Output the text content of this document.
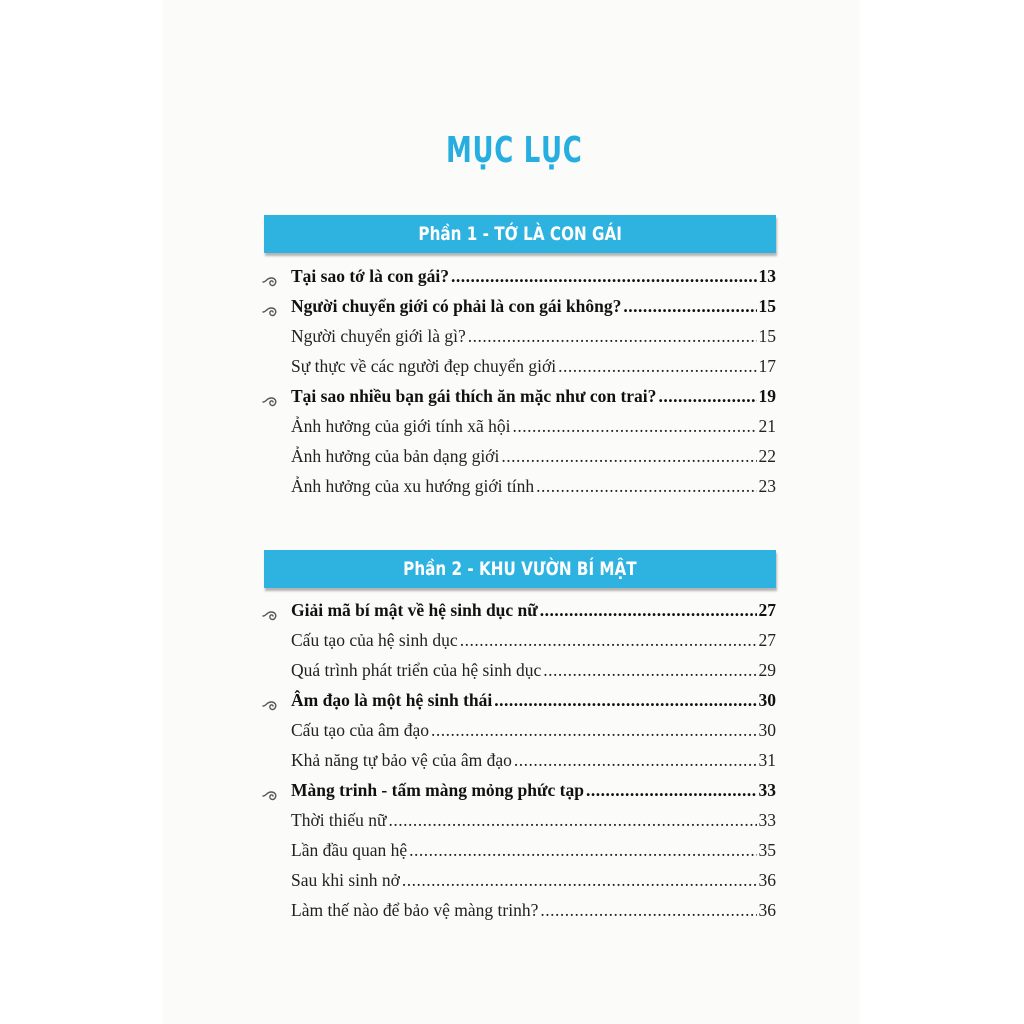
MỤC LỤC
Phần 1 - TỚ LÀ CON GÁI
Tại sao tớ là con gái? .....	13
Người chuyển giới có phải là con gái không? .....	15
Người chuyển giới là gì? .....	15
Sự thực về các người đẹp chuyển giới .....	17
Tại sao nhiều bạn gái thích ăn mặc như con trai? .....	19
Ảnh hưởng của giới tính xã hội .....	21
Ảnh hưởng của bản dạng giới .....	22
Ảnh hưởng của xu hướng giới tính .....	23
Phần 2 - KHU VƯỜN BÍ MẬT
Giải mã bí mật về hệ sinh dục nữ .....	27
Cấu tạo của hệ sinh dục .....	27
Quá trình phát triển của hệ sinh dục .....	29
Âm đạo là một hệ sinh thái .....	30
Cấu tạo của âm đạo .....	30
Khả năng tự bảo vệ của âm đạo .....	31
Màng trinh - tấm màng mỏng phức tạp .....	33
Thời thiếu nữ .....	33
Lần đầu quan hệ .....	35
Sau khi sinh nở .....	36
Làm thế nào để bảo vệ màng trinh? .....	36
